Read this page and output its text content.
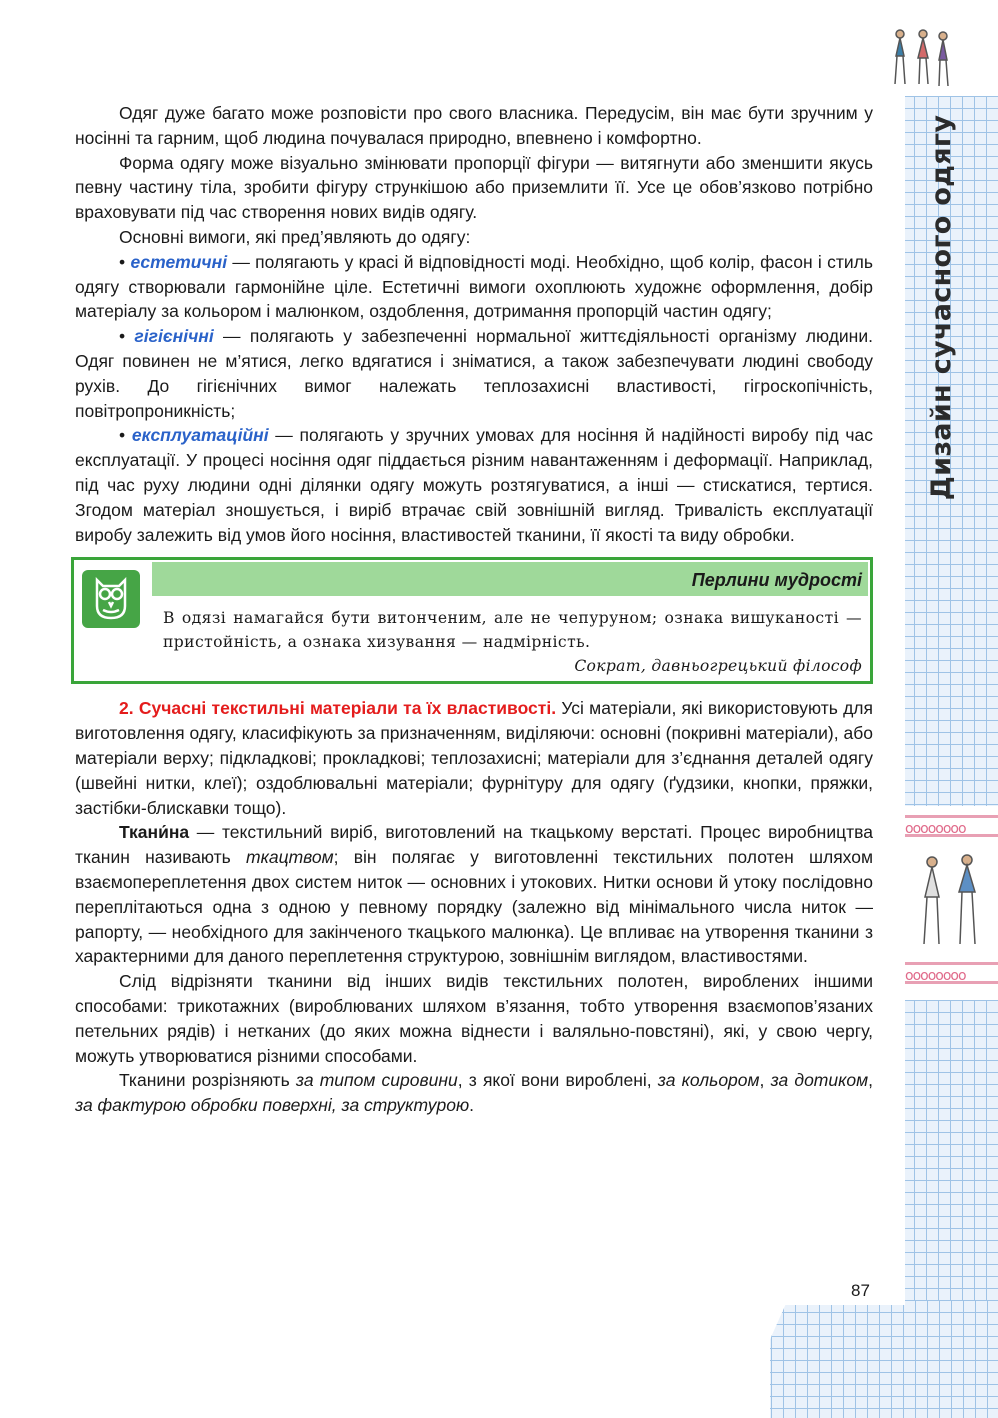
Дизайн сучасного одягу
oooooooo
oooooooo

Одяг дуже багато може розповісти про свого власника. Передусім, він має бути зручним у носінні та гарним, щоб людина почувалася природно, впевнено і комфортно.

Форма одягу може візуально змінювати пропорції фігури — витягнути або зменшити якусь певну частину тіла, зробити фігуру стрункішою або приземлити її. Усе це обов’язково потрібно враховувати під час створення нових видів одягу.

Основні вимоги, які пред’являють до одягу:

• естетичні — полягають у красі й відповідності моді. Необхідно, щоб колір, фасон і стиль одягу створювали гармонійне ціле. Естетичні вимоги охоплюють художнє оформлення, добір матеріалу за кольором і малюнком, оздоблення, дотримання пропорцій частин одягу;

• гігієнічні — полягають у забезпеченні нормальної життєдіяльності організму людини. Одяг повинен не м’ятися, легко вдягатися і зніматися, а також забезпечувати людині свободу рухів. До гігієнічних вимог належать теплозахисні властивості, гігроскопічність, повітропроникність;

• експлуатаційні — полягають у зручних умовах для носіння й надійності виробу під час експлуатації. У процесі носіння одяг піддається різним навантаженням і деформації. Наприклад, під час руху людини одні ділянки одягу можуть розтягуватися, а інші — стискатися, тертися. Згодом матеріал зношується, і виріб втрачає свій зовнішній вигляд. Тривалість експлуатації виробу залежить від умов його носіння, властивостей тканини, її якості та виду обробки.

Перлини мудрості
В одязі намагайся бути витонченим, але не чепуруном; ознака вишуканості — пристойність, а ознака хизування — надмірність.
Сократ, давньогрецький філософ

2. Сучасні текстильні матеріали та їх властивості. Усі матеріали, які використовують для виготовлення одягу, класифікують за призначенням, виділяючи: основні (покривні матеріали), або матеріали верху; підкладкові; прокладкові; теплозахисні; матеріали для з’єднання деталей одягу (швейні нитки, клеї); оздоблювальні матеріали; фурнітуру для одягу (ґудзики, кнопки, пряжки, застібки-блискавки тощо).

Ткани́на — текстильний виріб, виготовлений на ткацькому верстаті. Процес виробництва тканин називають ткацтвом; він полягає у виготовленні текстильних полотен шляхом взаємопереплетення двох систем ниток — основних і утокових. Нитки основи й утоку послідовно переплітаються одна з одною у певному порядку (залежно від мінімального числа ниток — рапорту, — необхідного для закінченого ткацького малюнка). Це впливає на утворення тканини з характерними для даного переплетення структурою, зовнішнім виглядом, властивостями.

Слід відрізняти тканини від інших видів текстильних полотен, вироблених іншими способами: трикотажних (вироблюваних шляхом в’язання, тобто утворення взаємопов’язаних петельних рядів) і нетканих (до яких можна віднести і валяльно-повстяні), які, у свою чергу, можуть утворюватися різними способами.

Тканини розрізняють за типом сировини, з якої вони вироблені, за кольором, за дотиком, за фактурою обробки поверхні, за структурою.

87
